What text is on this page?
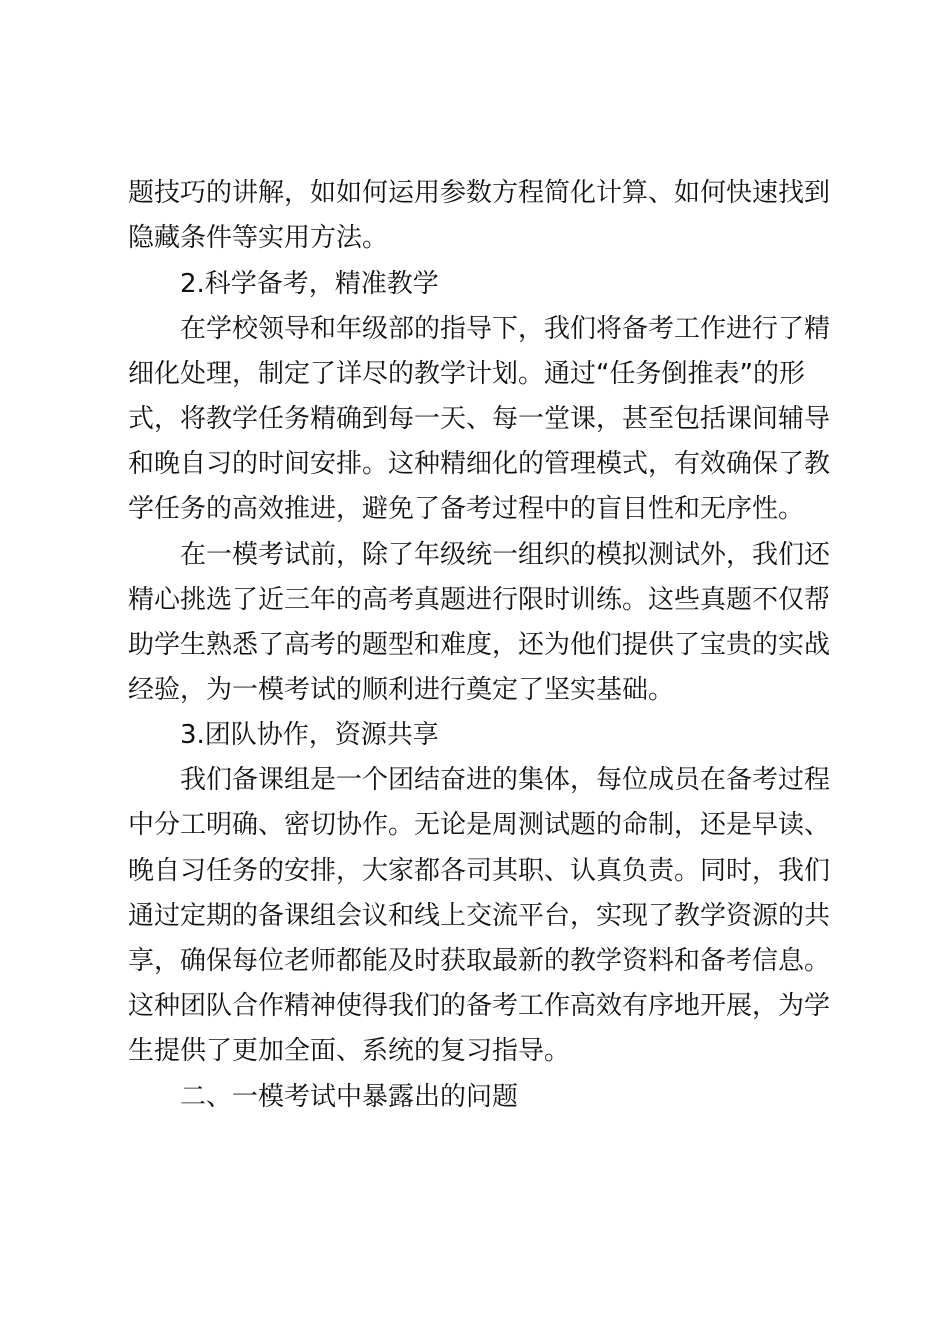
题技巧的讲解，如如何运用参数方程简化计算、如何快速找到
隐藏条件等实用方法。
2.科学备考，精准教学
在学校领导和年级部的指导下，我们将备考工作进行了精
细化处理，制定了详尽的教学计划。通过“任务倒推表”的形
式，将教学任务精确到每一天、每一堂课，甚至包括课间辅导
和晚自习的时间安排。这种精细化的管理模式，有效确保了教
学任务的高效推进，避免了备考过程中的盲目性和无序性。
在一模考试前，除了年级统一组织的模拟测试外，我们还
精心挑选了近三年的高考真题进行限时训练。这些真题不仅帮
助学生熟悉了高考的题型和难度，还为他们提供了宝贵的实战
经验，为一模考试的顺利进行奠定了坚实基础。
3.团队协作，资源共享
我们备课组是一个团结奋进的集体，每位成员在备考过程
中分工明确、密切协作。无论是周测试题的命制，还是早读、
晚自习任务的安排，大家都各司其职、认真负责。同时，我们
通过定期的备课组会议和线上交流平台，实现了教学资源的共
享，确保每位老师都能及时获取最新的教学资料和备考信息。
这种团队合作精神使得我们的备考工作高效有序地开展，为学
生提供了更加全面、系统的复习指导。
二、一模考试中暴露出的问题
